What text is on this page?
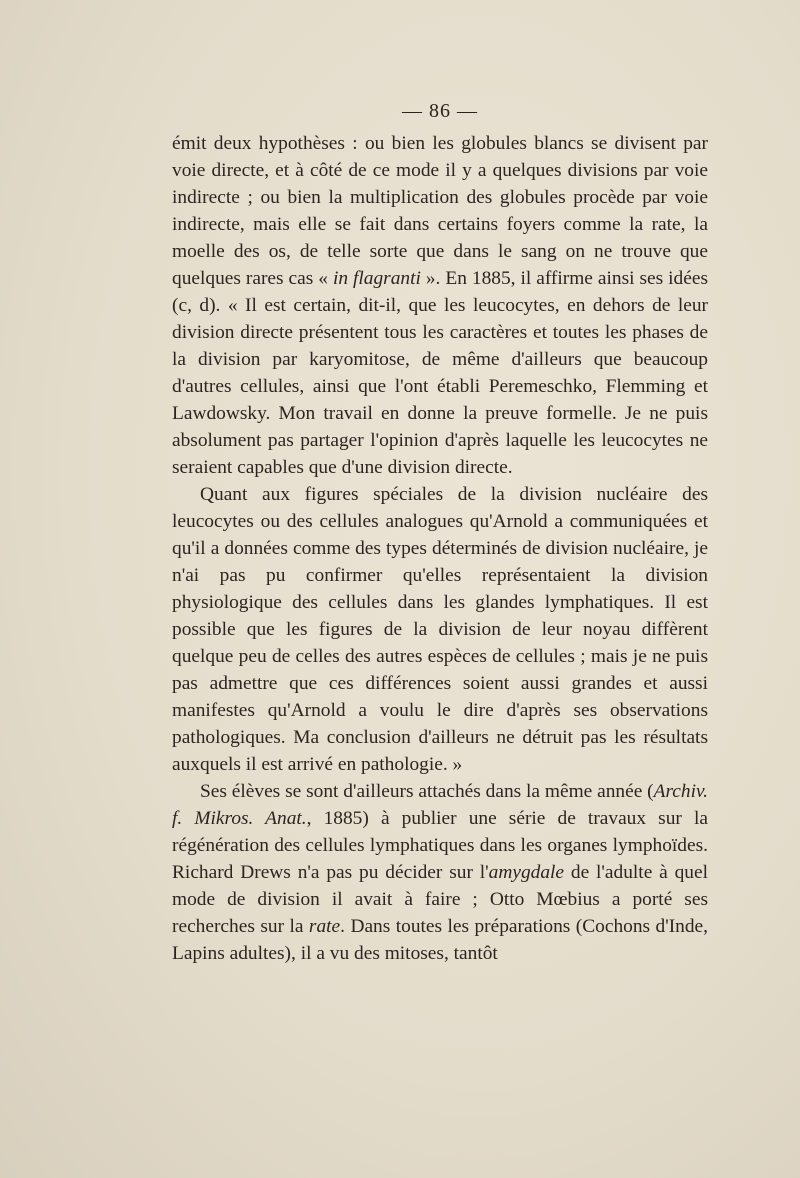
— 86 —

émit deux hypothèses : ou bien les globules blancs se divisent par voie directe, et à côté de ce mode il y a quelques divisions par voie indirecte ; ou bien la multiplication des globules procède par voie indirecte, mais elle se fait dans certains foyers comme la rate, la moelle des os, de telle sorte que dans le sang on ne trouve que quelques rares cas « in flagranti ». En 1885, il affirme ainsi ses idées (c, d). « Il est certain, dit-il, que les leucocytes, en dehors de leur division directe présentent tous les caractères et toutes les phases de la division par karyomitose, de même d'ailleurs que beaucoup d'autres cellules, ainsi que l'ont établi Peremeschko, Flemming et Lawdowsky. Mon travail en donne la preuve formelle. Je ne puis absolument pas partager l'opinion d'après laquelle les leucocytes ne seraient capables que d'une division directe.

Quant aux figures spéciales de la division nucléaire des leucocytes ou des cellules analogues qu'Arnold a communiquées et qu'il a données comme des types déterminés de division nucléaire, je n'ai pas pu confirmer qu'elles représentaient la division physiologique des cellules dans les glandes lymphatiques. Il est possible que les figures de la division de leur noyau diffèrent quelque peu de celles des autres espèces de cellules ; mais je ne puis pas admettre que ces différences soient aussi grandes et aussi manifestes qu'Arnold a voulu le dire d'après ses observations pathologiques. Ma conclusion d'ailleurs ne détruit pas les résultats auxquels il est arrivé en pathologie. »

Ses élèves se sont d'ailleurs attachés dans la même année (Archiv. f. Mikros. Anat., 1885) à publier une série de travaux sur la régénération des cellules lymphatiques dans les organes lymphoïdes. Richard Drews n'a pas pu décider sur l'amygdale de l'adulte à quel mode de division il avait à faire ; Otto Mœbius a porté ses recherches sur la rate. Dans toutes les préparations (Cochons d'Inde, Lapins adultes), il a vu des mitoses, tantôt
